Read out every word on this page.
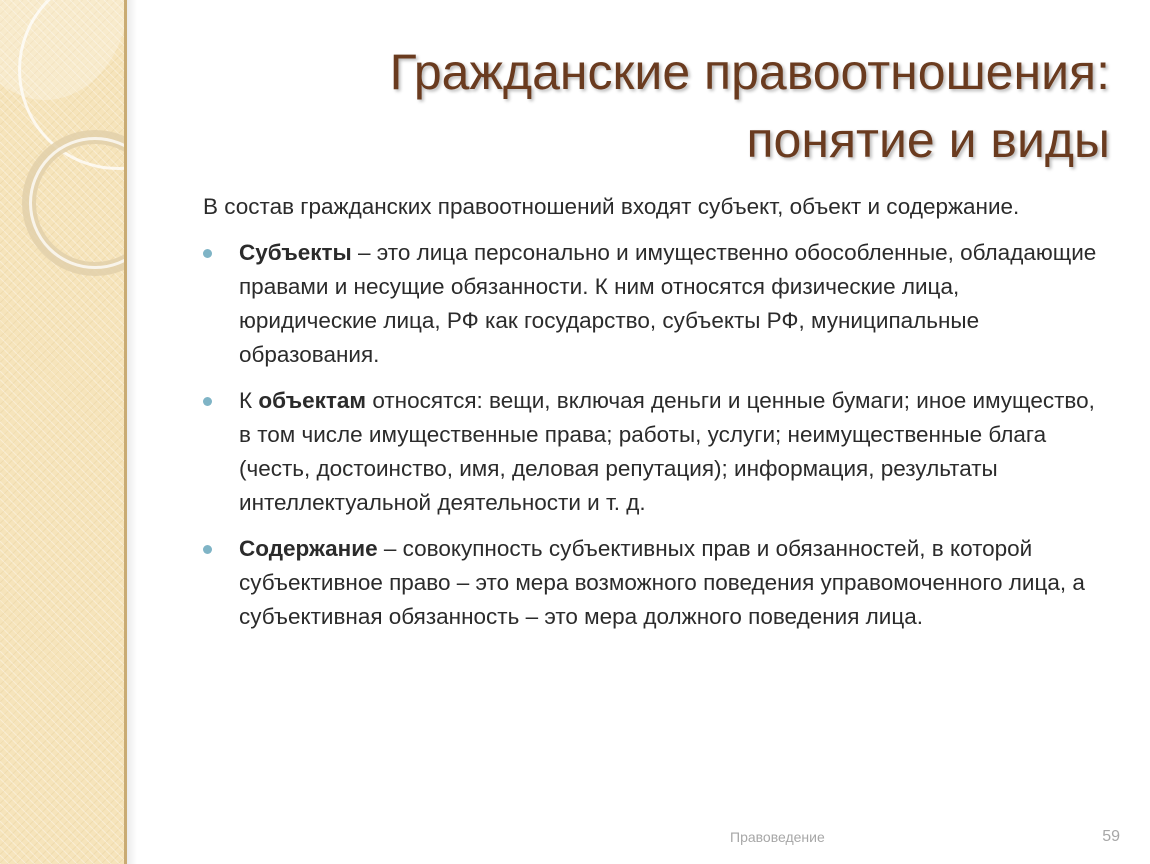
Гражданские правоотношения:
понятие и виды
В состав гражданских правоотношений входят субъект, объект и содержание.
Субъекты – это лица персонально и имущественно обособленные, обладающие правами и несущие обязанности. К ним относятся физические лица, юридические лица, РФ как государство, субъекты РФ, муниципальные образования.
К объектам относятся: вещи, включая деньги и ценные бумаги; иное имущество, в том числе имущественные права; работы, услуги; неимущественные блага (честь, достоинство, имя, деловая репутация); информация, результаты интеллектуальной деятельности и т. д.
Содержание – совокупность субъективных прав и обязанностей, в которой субъективное право – это мера возможного поведения управомоченного лица, а субъективная обязанность – это мера должного поведения лица.
Правоведение	59
